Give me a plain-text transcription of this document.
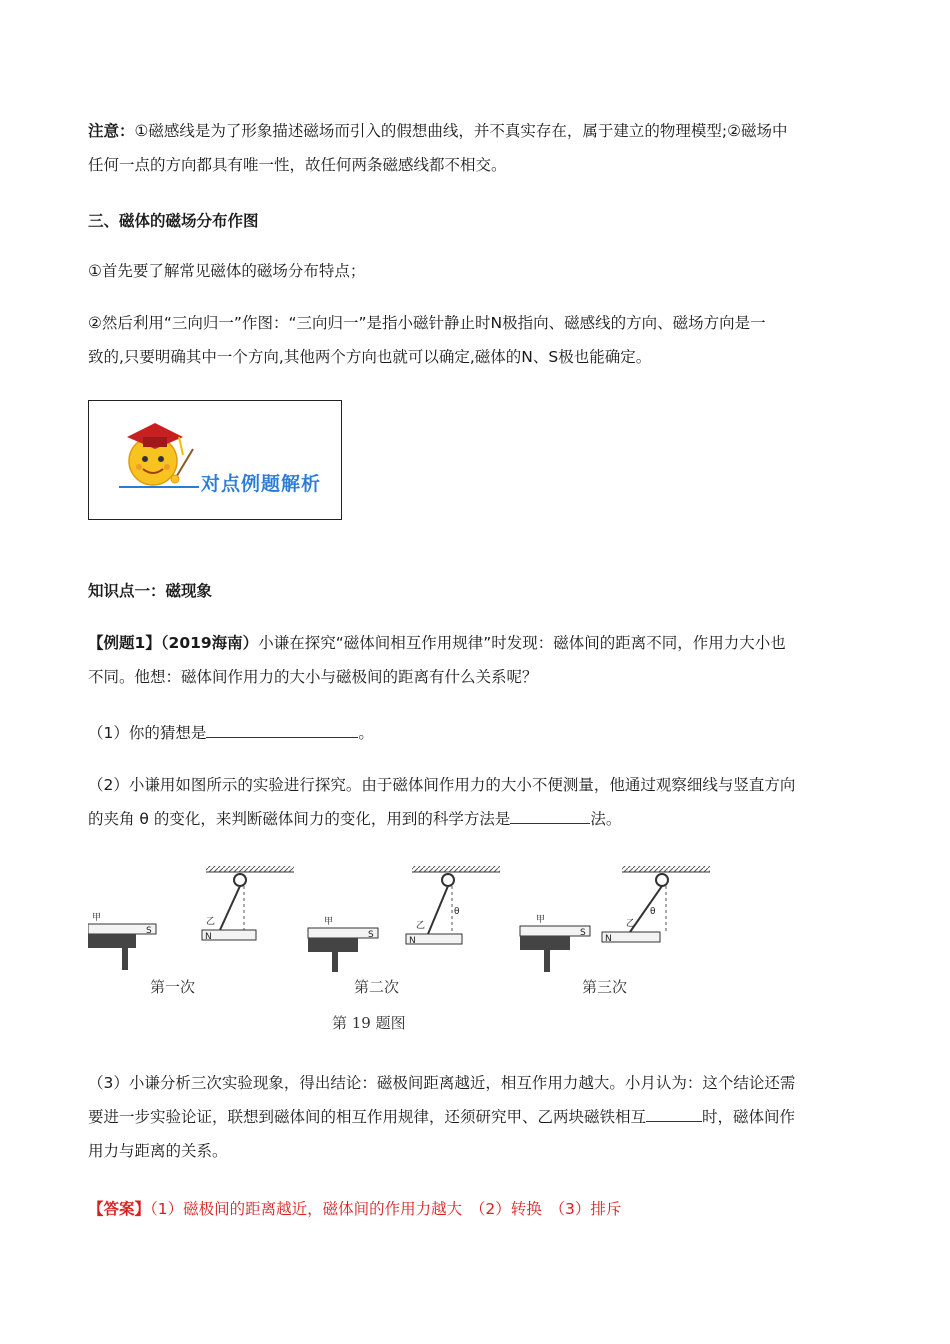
注意：①磁感线是为了形象描述磁场而引入的假想曲线，并不真实存在，属于建立的物理模型;②磁场中
任何一点的方向都具有唯一性，故任何两条磁感线都不相交。

三、磁体的磁场分布作图

①首先要了解常见磁体的磁场分布特点；

②然后利用“三向归一”作图：“三向归一”是指小磁针静止时N极指向、磁感线的方向、磁场方向是一
致的,只要明确其中一个方向,其他两个方向也就可以确定,磁体的N、S极也能确定。

对点例题解析

知识点一：磁现象

【例题1】（2019海南）小谦在探究“磁体间相互作用规律”时发现：磁体间的距离不同，作用力大小也
不同。他想：磁体间作用力的大小与磁极间的距离有什么关系呢？

（1）你的猜想是	。

（2）小谦用如图所示的实验进行探究。由于磁体间作用力的大小不便测量，他通过观察细线与竖直方向
的夹角 θ 的变化，来判断磁体间力的变化，用到的科学方法是	法。

N
乙
S
甲
第一次
θ
N
乙
S
甲
第二次
θ
N
乙
S
甲
第三次
第 19 题图

（3）小谦分析三次实验现象，得出结论：磁极间距离越近，相互作用力越大。小月认为：这个结论还需
要进一步实验论证，联想到磁体间的相互作用规律，还须研究甲、乙两块磁铁相互	时，磁体间作
用力与距离的关系。

【答案】（1）磁极间的距离越近，磁体间的作用力越大　（2）转换　（3）排斥
